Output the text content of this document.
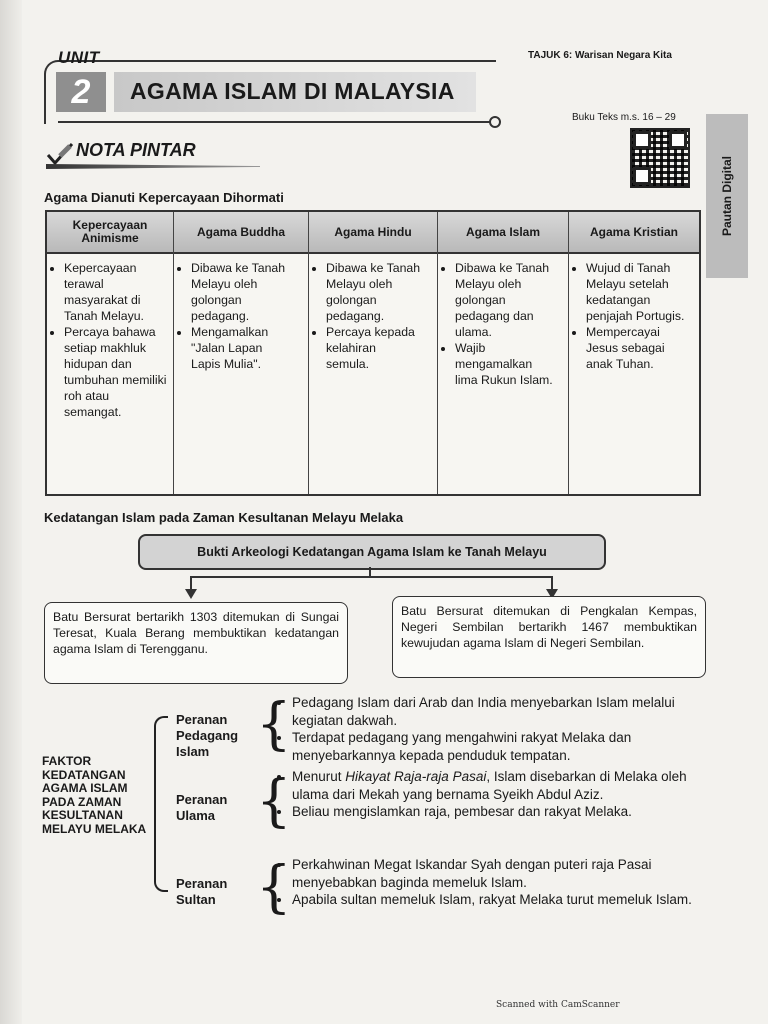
UNIT
2	AGAMA ISLAM DI MALAYSIA
TAJUK 6: Warisan Negara Kita
Buku Teks m.s. 16 – 29
Pautan Digital
NOTA PINTAR
Agama Dianuti Kepercayaan Dihormati
Kepercayaan Animisme
• Kepercayaan terawal masyarakat di Tanah Melayu.
• Percaya bahawa setiap makhluk hidupan dan tumbuhan memiliki roh atau semangat.
Agama Buddha
• Dibawa ke Tanah Melayu oleh golongan pedagang.
• Mengamalkan "Jalan Lapan Lapis Mulia".
Agama Hindu
• Dibawa ke Tanah Melayu oleh golongan pedagang.
• Percaya kepada kelahiran semula.
Agama Islam
• Dibawa ke Tanah Melayu oleh golongan pedagang dan ulama.
• Wajib mengamalkan lima Rukun Islam.
Agama Kristian
• Wujud di Tanah Melayu setelah kedatangan penjajah Portugis.
• Mempercayai Jesus sebagai anak Tuhan.
Kedatangan Islam pada Zaman Kesultanan Melayu Melaka
Bukti Arkeologi Kedatangan Agama Islam ke Tanah Melayu
Batu Bersurat bertarikh 1303 ditemukan di Sungai Teresat, Kuala Berang membuktikan kedatangan agama Islam di Terengganu.
Batu Bersurat ditemukan di Pengkalan Kempas, Negeri Sembilan bertarikh 1467 membuktikan kewujudan agama Islam di Negeri Sembilan.
FAKTOR KEDATANGAN AGAMA ISLAM PADA ZAMAN KESULTANAN MELAYU MELAKA
Peranan Pedagang Islam { • Pedagang Islam dari Arab dan India menyebarkan Islam melalui kegiatan dakwah.
• Terdapat pedagang yang mengahwini rakyat Melaka dan menyebarkannya kepada penduduk tempatan.
Peranan Ulama { • Menurut Hikayat Raja-raja Pasai, Islam disebarkan di Melaka oleh ulama dari Mekah yang bernama Syeikh Abdul Aziz.
• Beliau mengislamkan raja, pembesar dan rakyat Melaka.
Peranan Sultan { • Perkahwinan Megat Iskandar Syah dengan puteri raja Pasai menyebabkan baginda memeluk Islam.
• Apabila sultan memeluk Islam, rakyat Melaka turut memeluk Islam.
Scanned with CamScanner
